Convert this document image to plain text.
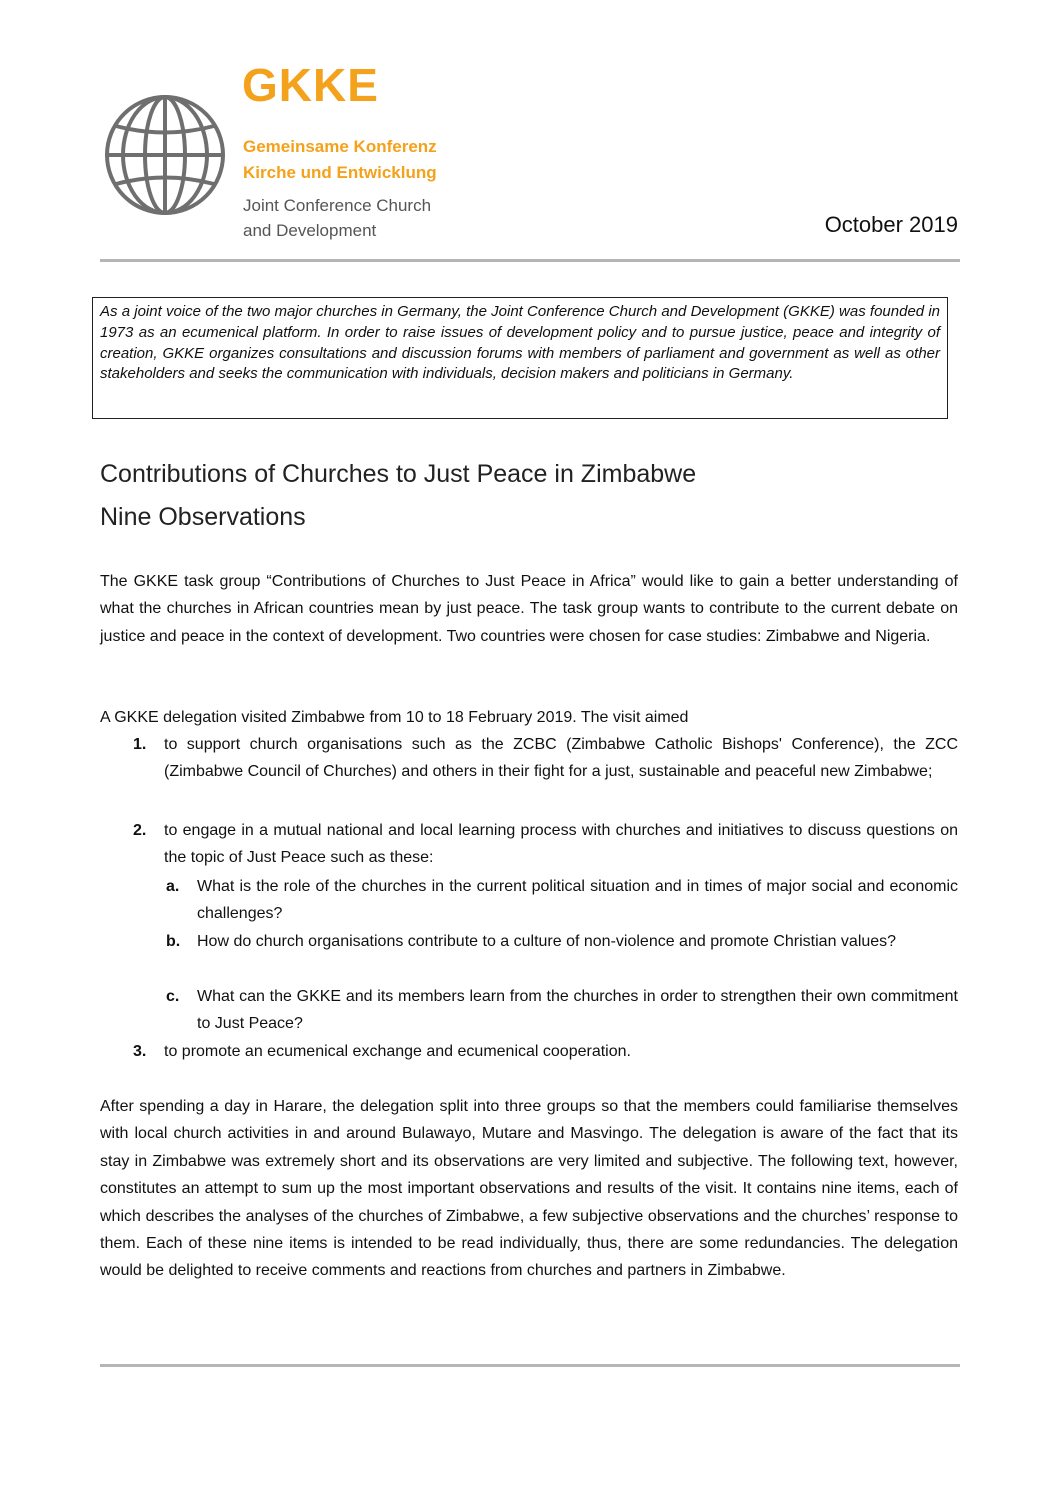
GKKE
Gemeinsame Konferenz
Kirche und Entwicklung
Joint Conference Church
and Development	October 2019
As a joint voice of the two major churches in Germany, the Joint Conference Church and Development (GKKE) was founded in 1973 as an ecumenical platform. In order to raise issues of development policy and to pursue justice, peace and integrity of creation, GKKE organizes consultations and discussion forums with members of parliament and government as well as other stakeholders and seeks the communication with individuals, decision makers and politicians in Germany.
Contributions of Churches to Just Peace in Zimbabwe
Nine Observations
The GKKE task group “Contributions of Churches to Just Peace in Africa” would like to gain a better understanding of what the churches in African countries mean by just peace. The task group wants to contribute to the current debate on justice and peace in the context of development. Two countries were chosen for case studies: Zimbabwe and Nigeria.
A GKKE delegation visited Zimbabwe from 10 to 18 February 2019. The visit aimed
1. to support church organisations such as the ZCBC (Zimbabwe Catholic Bishops' Conference), the ZCC (Zimbabwe Council of Churches) and others in their fight for a just, sustainable and peaceful new Zimbabwe;
2. to engage in a mutual national and local learning process with churches and initiatives to discuss questions on the topic of Just Peace such as these:
a. What is the role of the churches in the current political situation and in times of major social and economic challenges?
b. How do church organisations contribute to a culture of non-violence and promote Christian values?
c. What can the GKKE and its members learn from the churches in order to strengthen their own commitment to Just Peace?
3. to promote an ecumenical exchange and ecumenical cooperation.
After spending a day in Harare, the delegation split into three groups so that the members could familiarise themselves with local church activities in and around Bulawayo, Mutare and Masvingo. The delegation is aware of the fact that its stay in Zimbabwe was extremely short and its observations are very limited and subjective. The following text, however, constitutes an attempt to sum up the most important observations and results of the visit. It contains nine items, each of which describes the analyses of the churches of Zimbabwe, a few subjective observations and the churches’ response to them. Each of these nine items is intended to be read individually, thus, there are some redundancies. The delegation would be delighted to receive comments and reactions from churches and partners in Zimbabwe.
